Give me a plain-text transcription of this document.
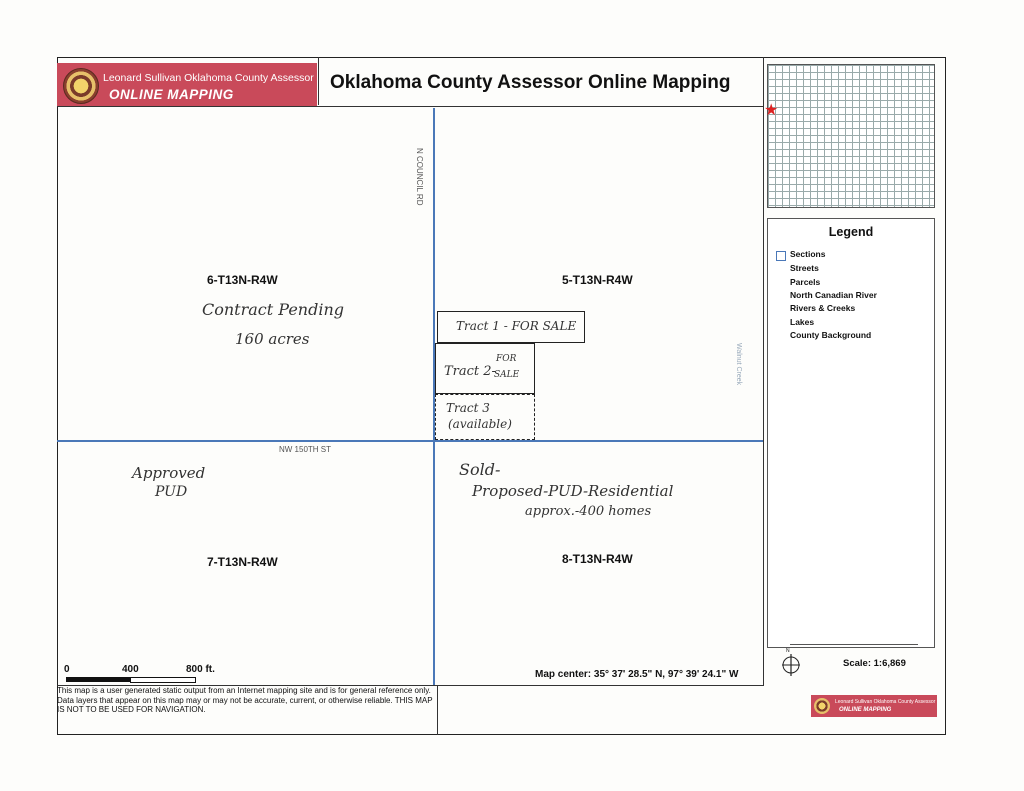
Leonard Sullivan Oklahoma County Assessor
ONLINE MAPPING
Oklahoma County Assessor Online Mapping
N COUNCIL RD
NW 150TH ST
Walnut Creek
6-T13N-R4W	5-T13N-R4W
7-T13N-R4W	8-T13N-R4W
Contract Pending
160 acres
Approved
PUD
Sold-
Proposed-PUD-Residential
approx.-400 homes
Tract 1 - FOR SALE
Tract 2-
FOR
SALE
Tract 3
(available)
0	400	800 ft.	Map center: 35° 37' 28.5" N, 97° 39' 24.1" W
★
Legend
Sections
Streets
Parcels
North Canadian River
Rivers & Creeks
Lakes
County Background
N
Scale: 1:6,869
This map is a user generated static output from an Internet mapping site and is for general reference only. Data layers that appear on this map may or may not be accurate, current, or otherwise reliable. THIS MAP IS NOT TO BE USED FOR NAVIGATION.
Leonard Sullivan Oklahoma County Assessor
ONLINE MAPPING
